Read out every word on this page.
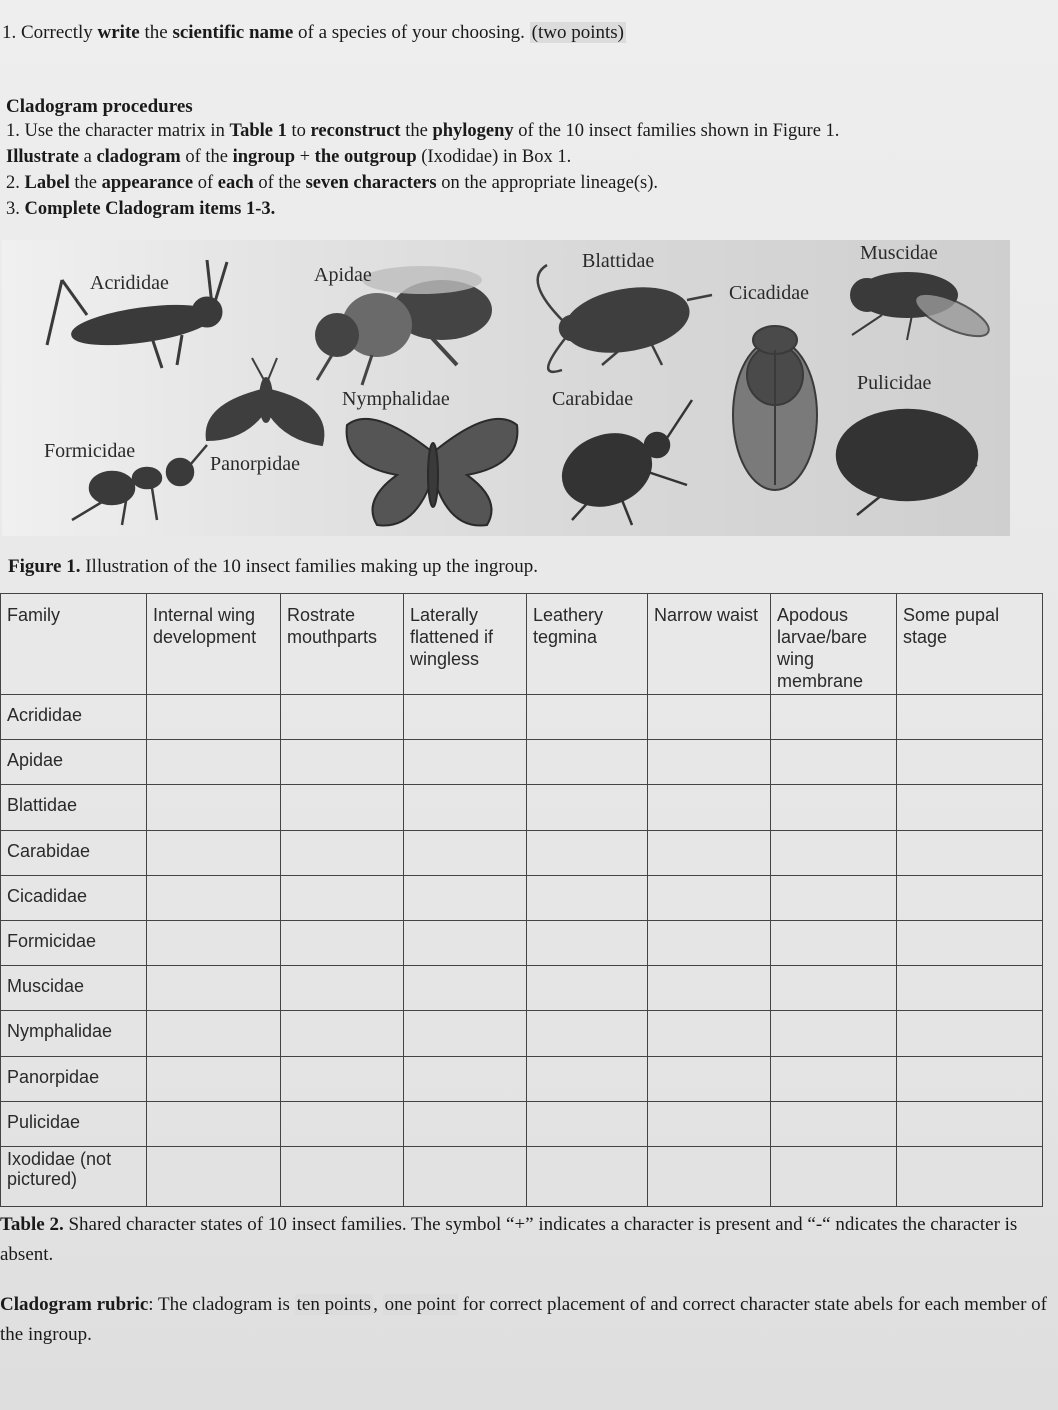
1. Correctly write the scientific name of a species of your choosing. (two points)
Cladogram procedures
1. Use the character matrix in Table 1 to reconstruct the phylogeny of the 10 insect families shown in Figure 1.
Illustrate a cladogram of the ingroup + the outgroup (Ixodidae) in Box 1.
2. Label the appearance of each of the seven characters on the appropriate lineage(s).
3. Complete Cladogram items 1-3.
Acrididae	Apidae
Blattidae
Cicadidae
Muscidae
Nymphalidae	Carabidae
Pulicidae
Formicidae
Panorpidae
Figure 1. Illustration of the 10 insect families making up the ingroup.
Family	Internal wing development	Rostrate mouthparts	Laterally flattened if wingless	Leathery tegmina	Narrow waist	Apodous larvae/bare wing membrane	Some pupal stage
Acrididae							
Apidae							
Blattidae							
Carabidae							
Cicadidae							
Formicidae							
Muscidae							
Nymphalidae							
Panorpidae							
Pulicidae							
Ixodidae (not pictured)							
Table 2. Shared character states of 10 insect families. The symbol “+” indicates a character is present and “-“ ndicates the character is absent.
Cladogram rubric: The cladogram is ten points , one point for correct placement of and correct character state abels for each member of the ingroup.
